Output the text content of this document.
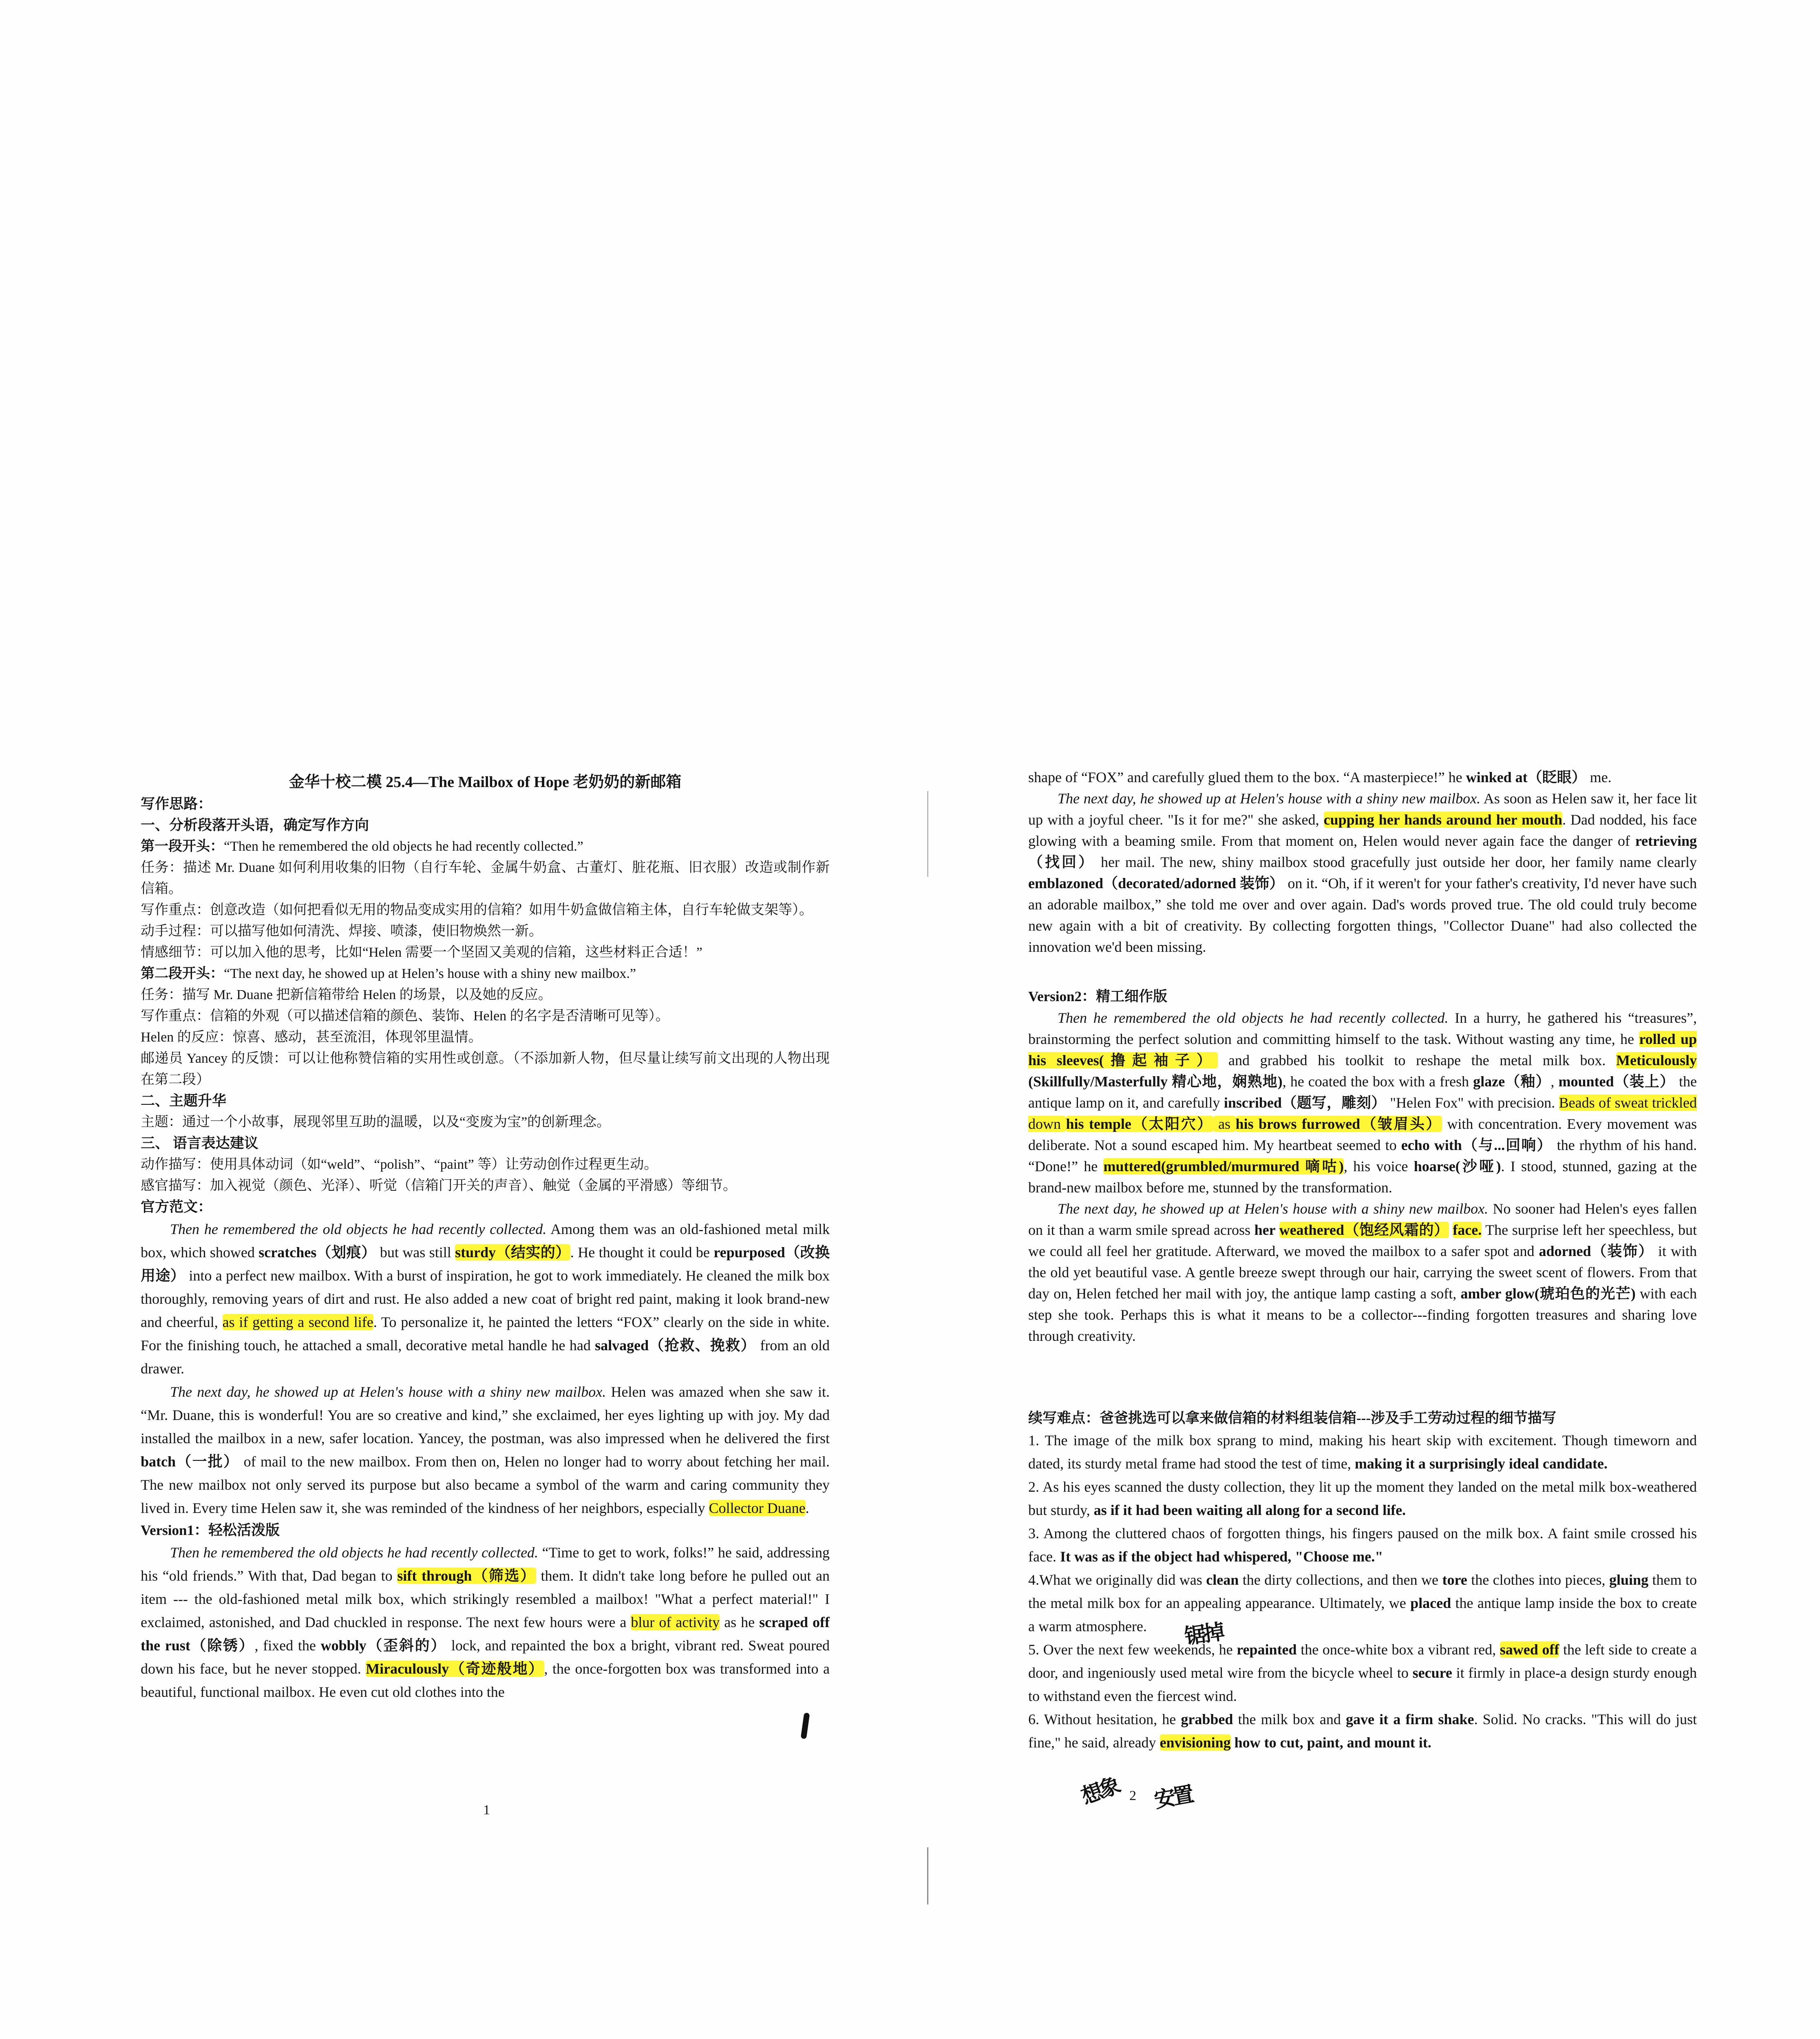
金华十校二模 25.4—The Mailbox of Hope 老奶奶的新邮箱

写作思路：

一、分析段落开头语，确定写作方向

第一段开头：“Then he remembered the old objects he had recently collected.”

任务：描述 Mr. Duane 如何利用收集的旧物（自行车轮、金属牛奶盒、古董灯、脏花瓶、旧衣服）改造或制作新信箱。

写作重点：创意改造（如何把看似无用的物品变成实用的信箱？如用牛奶盒做信箱主体，自行车轮做支架等）。

动手过程：可以描写他如何清洗、焊接、喷漆，使旧物焕然一新。

情感细节：可以加入他的思考，比如“Helen 需要一个坚固又美观的信箱，这些材料正合适！”

第二段开头：“The next day, he showed up at Helen’s house with a shiny new mailbox.”

任务：描写 Mr. Duane 把新信箱带给 Helen 的场景，以及她的反应。

写作重点：信箱的外观（可以描述信箱的颜色、装饰、Helen 的名字是否清晰可见等）。

Helen 的反应：惊喜、感动，甚至流泪，体现邻里温情。

邮递员 Yancey 的反馈：可以让他称赞信箱的实用性或创意。（不添加新人物，但尽量让续写前文出现的人物出现在第二段）

二、主题升华

主题：通过一个小故事，展现邻里互助的温暖，以及“变废为宝”的创新理念。

三、 语言表达建议

动作描写：使用具体动词（如“weld”、“polish”、“paint” 等）让劳动创作过程更生动。

感官描写：加入视觉（颜色、光泽）、听觉（信箱门开关的声音）、触觉（金属的平滑感）等细节。

官方范文：

Then he remembered the old objects he had recently collected. Among them was an old-fashioned metal milk box, which showed scratches（划痕） but was still sturdy（结实的）. He thought it could be repurposed（改换用途） into a perfect new mailbox. With a burst of inspiration, he got to work immediately. He cleaned the milk box thoroughly, removing years of dirt and rust. He also added a new coat of bright red paint, making it look brand-new and cheerful, as if getting a second life. To personalize it, he painted the letters “FOX” clearly on the side in white. For the finishing touch, he attached a small, decorative metal handle he had salvaged（抢救、挽救） from an old drawer.

The next day, he showed up at Helen's house with a shiny new mailbox. Helen was amazed when she saw it. “Mr. Duane, this is wonderful! You are so creative and kind,” she exclaimed, her eyes lighting up with joy. My dad installed the mailbox in a new, safer location. Yancey, the postman, was also impressed when he delivered the first batch（一批） of mail to the new mailbox. From then on, Helen no longer had to worry about fetching her mail. The new mailbox not only served its purpose but also became a symbol of the warm and caring community they lived in. Every time Helen saw it, she was reminded of the kindness of her neighbors, especially Collector Duane.

Version1：轻松活泼版

Then he remembered the old objects he had recently collected. “Time to get to work, folks!” he said, addressing his “old friends.” With that, Dad began to sift through（筛选） them. It didn't take long before he pulled out an item --- the old-fashioned metal milk box, which strikingly resembled a mailbox! "What a perfect material!" I exclaimed, astonished, and Dad chuckled in response. The next few hours were a blur of activity as he scraped off the rust（除锈）, fixed the wobbly（歪斜的） lock, and repainted the box a bright, vibrant red. Sweat poured down his face, but he never stopped. Miraculously（奇迹般地）, the once-forgotten box was transformed into a beautiful, functional mailbox. He even cut old clothes into the

shape of “FOX” and carefully glued them to the box. “A masterpiece!” he winked at（眨眼） me.

The next day, he showed up at Helen's house with a shiny new mailbox. As soon as Helen saw it, her face lit up with a joyful cheer. "Is it for me?" she asked, cupping her hands around her mouth. Dad nodded, his face glowing with a beaming smile. From that moment on, Helen would never again face the danger of retrieving（找回） her mail. The new, shiny mailbox stood gracefully just outside her door, her family name clearly emblazoned（decorated/adorned 装饰） on it. “Oh, if it weren't for your father's creativity, I'd never have such an adorable mailbox,” she told me over and over again. Dad's words proved true. The old could truly become new again with a bit of creativity. By collecting forgotten things, "Collector Duane" had also collected the innovation we'd been missing.

Version2：精工细作版

Then he remembered the old objects he had recently collected. In a hurry, he gathered his “treasures”, brainstorming the perfect solution and committing himself to the task. Without wasting any time, he rolled up his sleeves(撸起袖子） and grabbed his toolkit to reshape the metal milk box. Meticulously (Skillfully/Masterfully 精心地，娴熟地), he coated the box with a fresh glaze（釉）, mounted（装上） the antique lamp on it, and carefully inscribed（题写，雕刻） "Helen Fox" with precision. Beads of sweat trickled down his temple（太阳穴） as his brows furrowed（皱眉头） with concentration. Every movement was deliberate. Not a sound escaped him. My heartbeat seemed to echo with（与...回响） the rhythm of his hand. “Done!” he muttered(grumbled/murmured 嘀咕), his voice hoarse(沙哑). I stood, stunned, gazing at the brand-new mailbox before me, stunned by the transformation.

The next day, he showed up at Helen's house with a shiny new mailbox. No sooner had Helen's eyes fallen on it than a warm smile spread across her weathered（饱经风霜的） face. The surprise left her speechless, but we could all feel her gratitude. Afterward, we moved the mailbox to a safer spot and adorned（装饰） it with the old yet beautiful vase. A gentle breeze swept through our hair, carrying the sweet scent of flowers. From that day on, Helen fetched her mail with joy, the antique lamp casting a soft, amber glow(琥珀色的光芒) with each step she took. Perhaps this is what it means to be a collector---finding forgotten treasures and sharing love through creativity.

续写难点：爸爸挑选可以拿来做信箱的材料组装信箱---涉及手工劳动过程的细节描写

1. The image of the milk box sprang to mind, making his heart skip with excitement. Though timeworn and dated, its sturdy metal frame had stood the test of time, making it a surprisingly ideal candidate.

2. As his eyes scanned the dusty collection, they lit up the moment they landed on the metal milk box-weathered but sturdy, as if it had been waiting all along for a second life.

3. Among the cluttered chaos of forgotten things, his fingers paused on the milk box. A faint smile crossed his face. It was as if the object had whispered, "Choose me."

4.What we originally did was clean the dirty collections, and then we tore the clothes into pieces, gluing them to the metal milk box for an appealing appearance. Ultimately, we placed the antique lamp inside the box to create a warm atmosphere.

5. Over the next few weekends, he repainted the once-white box a vibrant red, sawed off the left side to create a door, and ingeniously used metal wire from the bicycle wheel to secure it firmly in place-a design sturdy enough to withstand even the fiercest wind.

6. Without hesitation, he grabbed the milk box and gave it a firm shake. Solid. No cracks. "This will do just fine," he said, already envisioning how to cut, paint, and mount it.

1
2
锯掉
想象 安置
